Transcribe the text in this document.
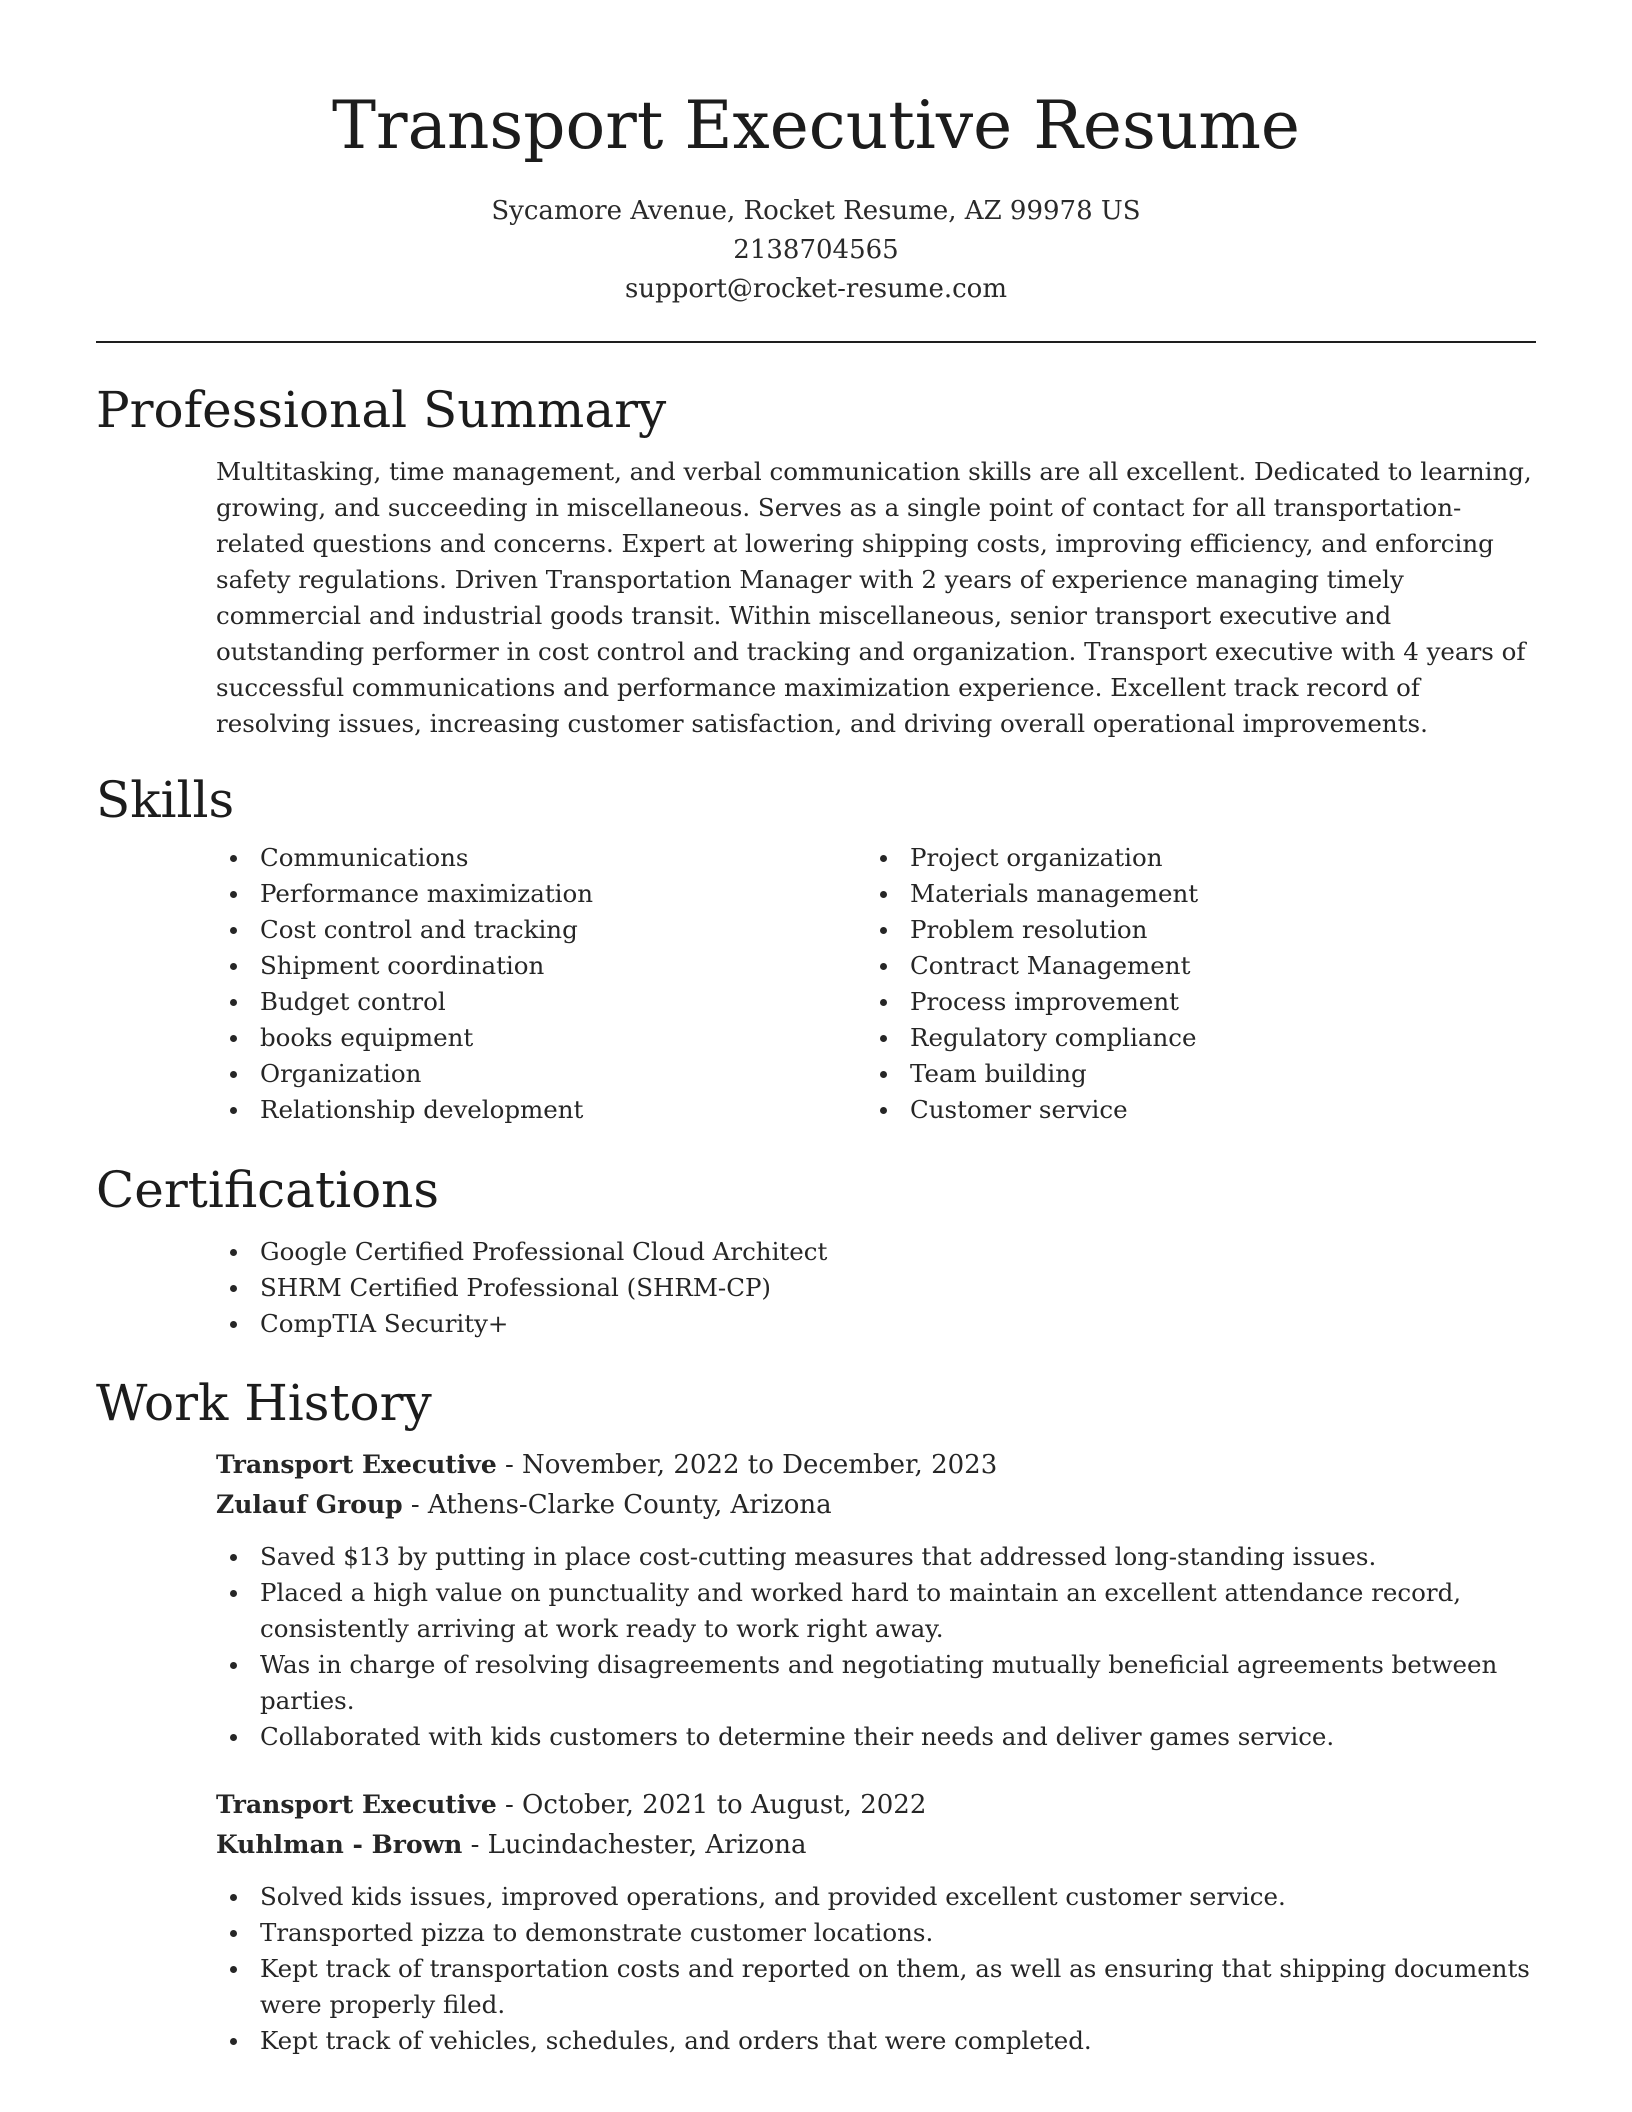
Transport Executive Resume
Sycamore Avenue, Rocket Resume, AZ 99978 US
2138704565
support@rocket-resume.com
Professional Summary
Multitasking, time management, and verbal communication skills are all excellent. Dedicated to learning, growing, and succeeding in miscellaneous. Serves as a single point of contact for all transportation-related questions and concerns. Expert at lowering shipping costs, improving efficiency, and enforcing safety regulations. Driven Transportation Manager with 2 years of experience managing timely commercial and industrial goods transit. Within miscellaneous, senior transport executive and outstanding performer in cost control and tracking and organization. Transport executive with 4 years of successful communications and performance maximization experience. Excellent track record of resolving issues, increasing customer satisfaction, and driving overall operational improvements.
Skills
Communications
Performance maximization
Cost control and tracking
Shipment coordination
Budget control
books equipment
Organization
Relationship development
Project organization
Materials management
Problem resolution
Contract Management
Process improvement
Regulatory compliance
Team building
Customer service
Certifications
Google Certified Professional Cloud Architect
SHRM Certified Professional (SHRM-CP)
CompTIA Security+
Work History
Transport Executive - November, 2022 to December, 2023
Zulauf Group - Athens-Clarke County, Arizona
Saved $13 by putting in place cost-cutting measures that addressed long-standing issues.
Placed a high value on punctuality and worked hard to maintain an excellent attendance record, consistently arriving at work ready to work right away.
Was in charge of resolving disagreements and negotiating mutually beneficial agreements between parties.
Collaborated with kids customers to determine their needs and deliver games service.
Transport Executive - October, 2021 to August, 2022
Kuhlman - Brown - Lucindachester, Arizona
Solved kids issues, improved operations, and provided excellent customer service.
Transported pizza to demonstrate customer locations.
Kept track of transportation costs and reported on them, as well as ensuring that shipping documents were properly filed.
Kept track of vehicles, schedules, and orders that were completed.
